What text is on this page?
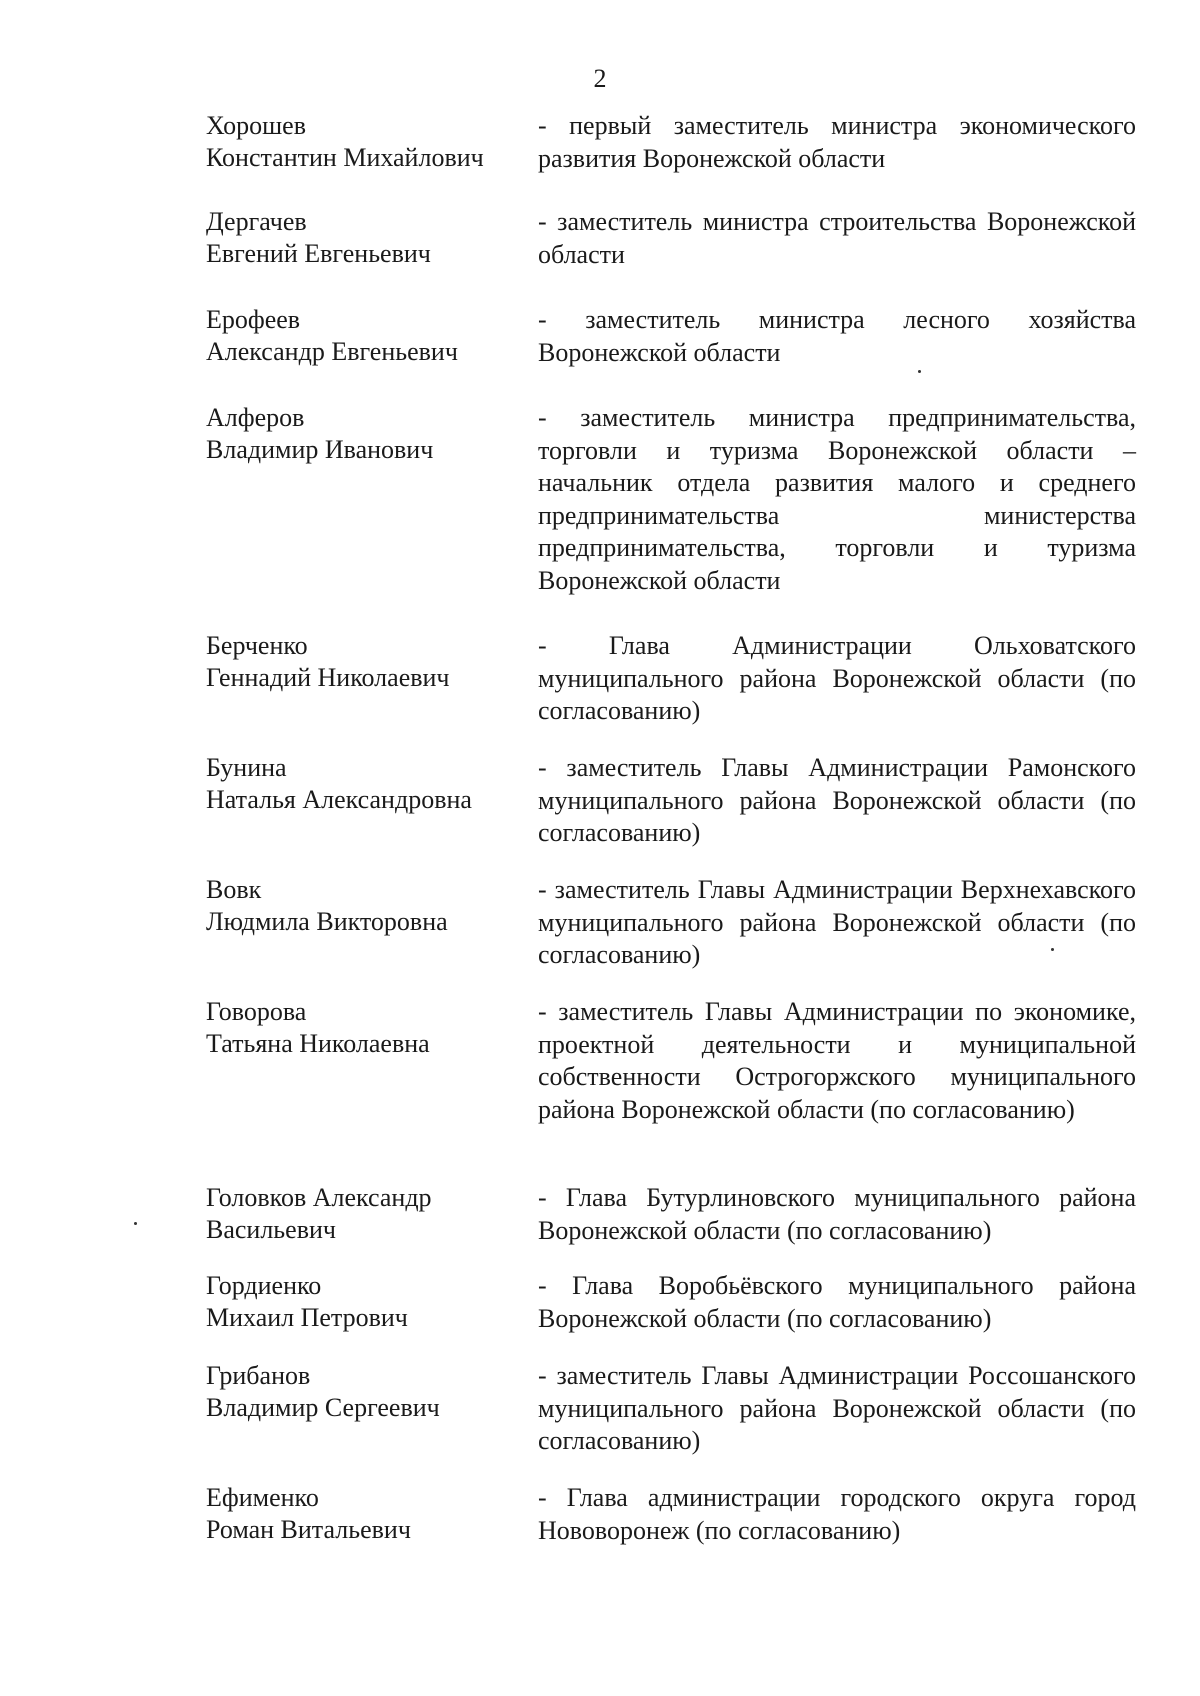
2
Хорошев
Константин Михайлович
- первый заместитель министра экономического развития Воронежской области
Дергачев
Евгений Евгеньевич
- заместитель министра строительства Воронежской области
Ерофеев
Александр Евгеньевич
- заместитель министра лесного хозяйства Воронежской области
Алферов
Владимир Иванович
- заместитель министра предпринимательства, торговли и туризма Воронежской области – начальник отдела развития малого и среднего предпринимательства министерства предпринимательства, торговли и туризма Воронежской области
Берченко
Геннадий Николаевич
- Глава Администрации Ольховатского муниципального района Воронежской области (по согласованию)
Бунина
Наталья Александровна
- заместитель Главы Администрации Рамонского муниципального района Воронежской области (по согласованию)
Вовк
Людмила Викторовна
- заместитель Главы Администрации Верхнехавского муниципального района Воронежской области (по согласованию)
Говорова
Татьяна Николаевна
- заместитель Главы Администрации по экономике, проектной деятельности и муниципальной собственности Острогоржского муниципального района Воронежской области (по согласованию)
Головков Александр
Васильевич
- Глава Бутурлиновского муниципального района Воронежской области (по согласованию)
Гордиенко
Михаил Петрович
- Глава Воробьёвского муниципального района Воронежской области (по согласованию)
Грибанов
Владимир Сергеевич
- заместитель Главы Администрации Россошанского муниципального района Воронежской области (по согласованию)
Ефименко
Роман Витальевич
- Глава администрации городского округа город Нововоронеж (по согласованию)
